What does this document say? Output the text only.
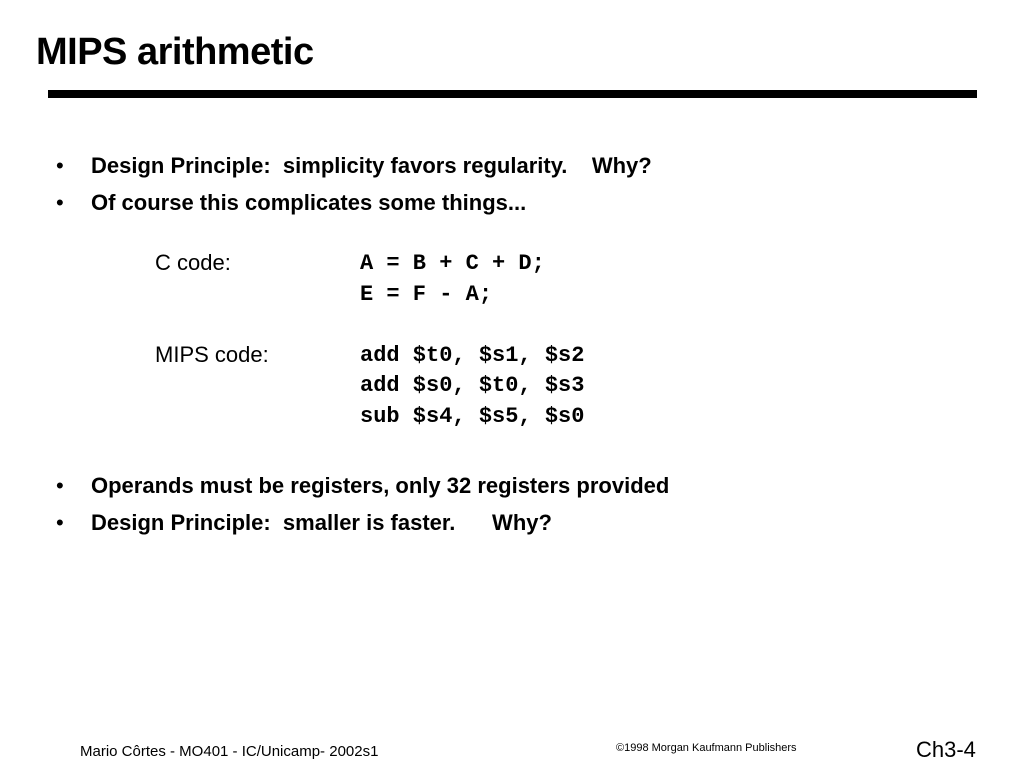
MIPS arithmetic

•

Design Principle:  simplicity favors regularity.    Why?

•

Of course this complicates some things...

C code:	A = B + C + D;
E = F - A;
MIPS code:	add $t0, $s1, $s2
add $s0, $t0, $s3
sub $s4, $s5, $s0

•

Operands must be registers, only 32 registers provided

•

Design Principle:  smaller is faster.      Why?

Mario Côrtes - MO401 - IC/Unicamp- 2002s1	©1998 Morgan Kaufmann Publishers	Ch3-4
